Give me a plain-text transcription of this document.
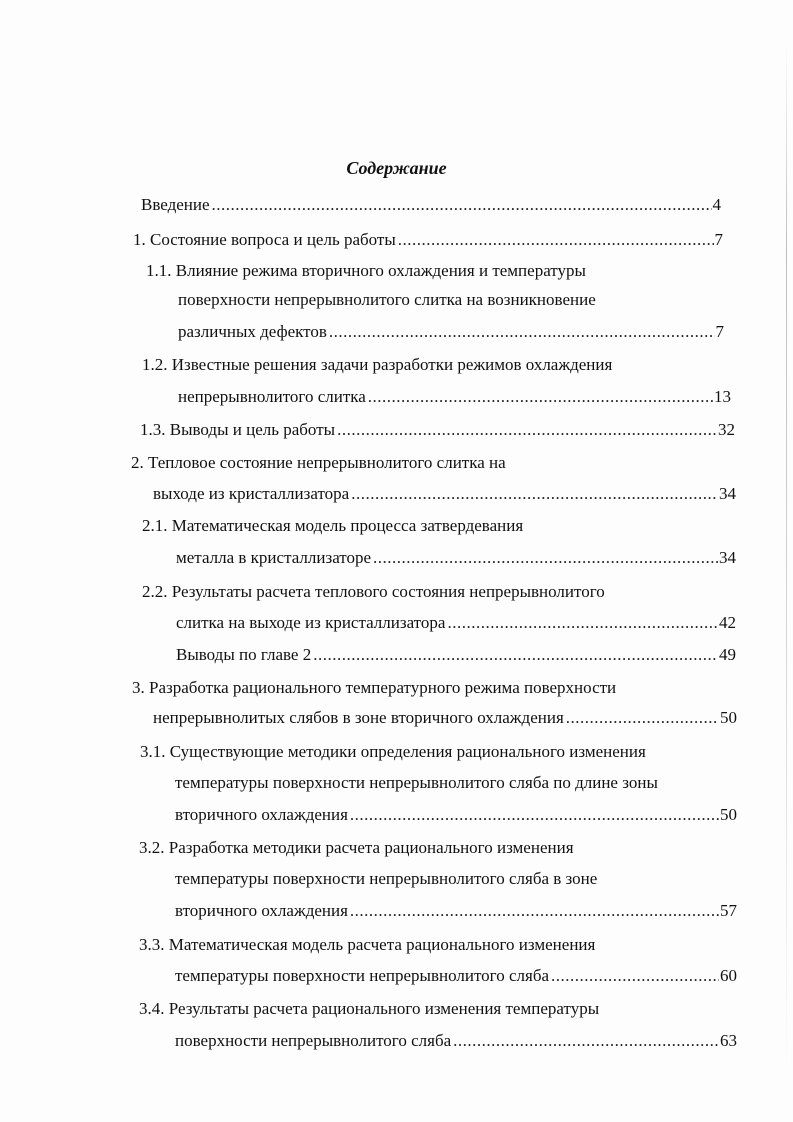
Содержание
Введение .....	4
1. Состояние вопроса и цель работы .....	7
1.1. Влияние режима вторичного охлаждения и температуры
поверхности непрерывнолитого слитка на возникновение
различных дефектов .....	7
1.2. Известные решения задачи разработки режимов охлаждения
непрерывнолитого слитка .....	13
1.3. Выводы и цель работы .....	32
2. Тепловое состояние непрерывнолитого слитка на
выходе из кристаллизатора .....	34
2.1. Математическая модель процесса затвердевания
металла в кристаллизаторе .....	34
2.2. Результаты расчета теплового состояния непрерывнолитого
слитка на выходе из кристаллизатора .....	42
Выводы по главе 2 .....	49
3. Разработка рационального температурного режима поверхности
непрерывнолитых слябов в зоне вторичного охлаждения .....	50
3.1. Существующие методики определения рационального изменения
температуры поверхности непрерывнолитого сляба по длине зоны
вторичного охлаждения .....	50
3.2. Разработка методики расчета рационального изменения
температуры поверхности непрерывнолитого сляба в зоне
вторичного охлаждения .....	57
3.3. Математическая модель расчета рационального изменения
температуры поверхности непрерывнолитого сляба .....	60
3.4. Результаты расчета рационального изменения температуры
поверхности непрерывнолитого сляба .....	63
